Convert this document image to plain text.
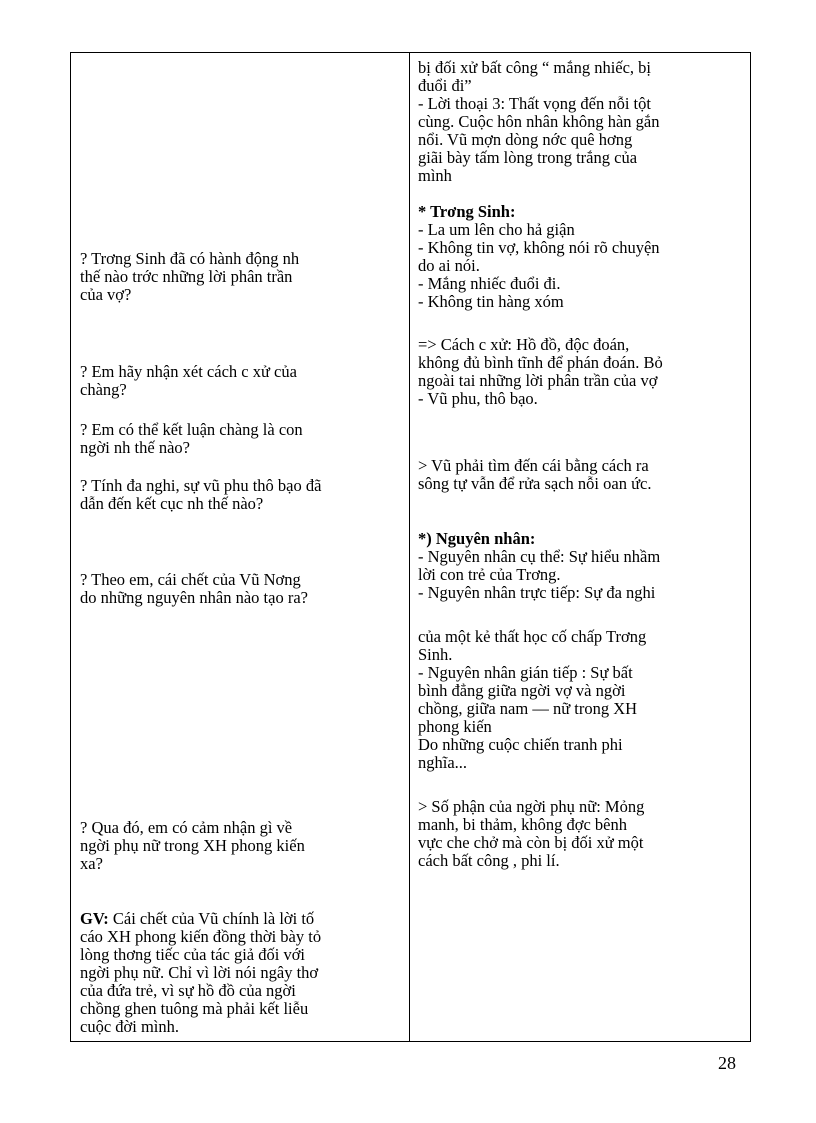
? Trơng Sinh đã có hành động nh
thế nào trớc những lời phân trần
của vợ?
? Em hãy nhận xét cách c xử của
chàng?
? Em có thể kết luận chàng là con
ngời nh thế nào?
? Tính đa nghi, sự vũ phu thô bạo đã
dẫn đến kết cục nh thế nào?
? Theo em, cái chết của Vũ Nơng
do những nguyên nhân nào tạo ra?
? Qua đó, em có cảm nhận gì về
ngời phụ nữ trong XH phong kiến
xa?
GV: Cái chết của Vũ chính là lời tố
cáo XH phong kiến đồng thời bày tỏ
lòng thơng tiếc của tác giả đối với
ngời phụ nữ. Chỉ vì lời nói ngây thơ
của đứa trẻ, vì sự hồ đồ của ngời
chồng ghen tuông mà phải kết liễu
cuộc đời mình.
bị đối xử bất công “ mắng nhiếc, bị
đuổi đi”
- Lời thoại 3: Thất vọng đến nỗi tột
cùng. Cuộc hôn nhân không hàn gắn
nổi. Vũ mợn dòng nớc quê hơng
giãi bày tấm lòng trong trắng của
mình
* Trơng Sinh:
- La um lên cho hả giận
- Không tin vợ, không nói rõ chuyện
do ai nói.
- Mắng nhiếc đuổi đi.
- Không tin hàng xóm
=> Cách c xử: Hồ đồ, độc đoán,
không đủ bình tĩnh để phán đoán. Bỏ
ngoài tai những lời phân trần của vợ
- Vũ phu, thô bạo.
> Vũ phải tìm đến cái bằng cách ra
sông tự vẫn để rửa sạch nỗi oan ức.
*) Nguyên nhân:
- Nguyên nhân cụ thể: Sự hiểu nhầm
lời con trẻ của Trơng.
- Nguyên nhân trực tiếp: Sự đa nghi
của một kẻ thất học cố chấp Trơng
Sinh.
- Nguyên nhân gián tiếp : Sự bất
bình đẳng giữa ngời vợ và ngời
chồng, giữa nam — nữ trong XH
phong kiến
Do những cuộc chiến tranh phi
nghĩa...
> Số phận của ngời phụ nữ: Mỏng
manh, bi thảm, không đợc bênh
vực che chở mà còn bị đối xử một
cách bất công , phi lí.
28
